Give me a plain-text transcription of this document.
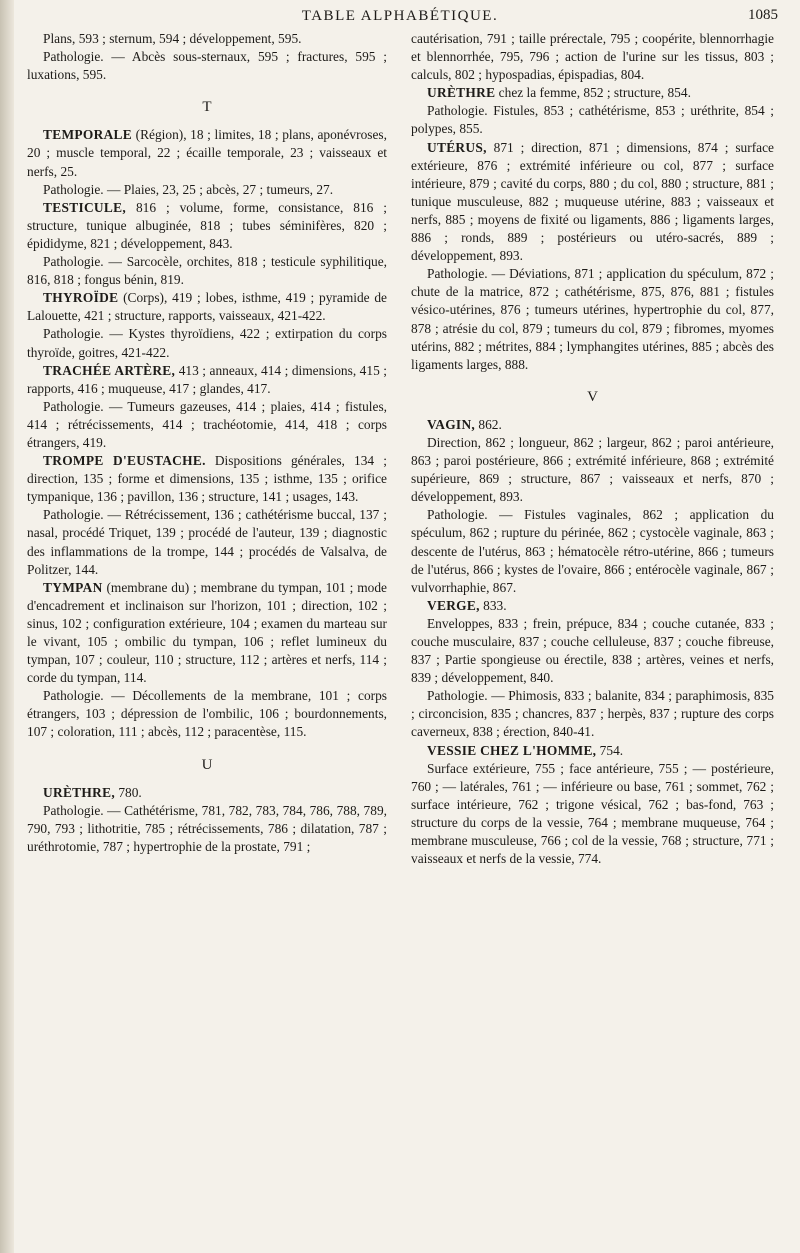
TABLE ALPHABÉTIQUE.	1085

Plans, 593 ; sternum, 594 ; développement, 595.

Pathologie. — Abcès sous-sternaux, 595 ; fractures, 595 ; luxations, 595.

T

TEMPORALE (Région), 18 ; limites, 18 ; plans, aponévroses, 20 ; muscle temporal, 22 ; écaille temporale, 23 ; vaisseaux et nerfs, 25.

Pathologie. — Plaies, 23, 25 ; abcès, 27 ; tumeurs, 27.

TESTICULE, 816 ; volume, forme, consistance, 816 ; structure, tunique albuginée, 818 ; tubes séminifères, 820 ; épididyme, 821 ; développement, 843.

Pathologie. — Sarcocèle, orchites, 818 ; testicule syphilitique, 816, 818 ; fongus bénin, 819.

THYROÏDE (Corps), 419 ; lobes, isthme, 419 ; pyramide de Lalouette, 421 ; structure, rapports, vaisseaux, 421-422.

Pathologie. — Kystes thyroïdiens, 422 ; extirpation du corps thyroïde, goitres, 421-422.

TRACHÉE ARTÈRE, 413 ; anneaux, 414 ; dimensions, 415 ; rapports, 416 ; muqueuse, 417 ; glandes, 417.

Pathologie. — Tumeurs gazeuses, 414 ; plaies, 414 ; fistules, 414 ; rétrécissements, 414 ; trachéotomie, 414, 418 ; corps étrangers, 419.

TROMPE D'EUSTACHE. Dispositions générales, 134 ; direction, 135 ; forme et dimensions, 135 ; isthme, 135 ; orifice tympanique, 136 ; pavillon, 136 ; structure, 141 ; usages, 143.

Pathologie. — Rétrécissement, 136 ; cathétérisme buccal, 137 ; nasal, procédé Triquet, 139 ; procédé de l'auteur, 139 ; diagnostic des inflammations de la trompe, 144 ; procédés de Valsalva, de Politzer, 144.

TYMPAN (membrane du) ; membrane du tympan, 101 ; mode d'encadrement et inclinaison sur l'horizon, 101 ; direction, 102 ; sinus, 102 ; configuration extérieure, 104 ; examen du marteau sur le vivant, 105 ; ombilic du tympan, 106 ; reflet lumineux du tympan, 107 ; couleur, 110 ; structure, 112 ; artères et nerfs, 114 ; corde du tympan, 114.

Pathologie. — Décollements de la membrane, 101 ; corps étrangers, 103 ; dépression de l'ombilic, 106 ; bourdonnements, 107 ; coloration, 111 ; abcès, 112 ; paracentèse, 115.

U

URÈTHRE, 780.

Pathologie. — Cathétérisme, 781, 782, 783, 784, 786, 788, 789, 790, 793 ; lithotritie, 785 ; rétrécissements, 786 ; dilatation, 787 ; uréthrotomie, 787 ; hypertrophie de la prostate, 791 ;

cautérisation, 791 ; taille prérectale, 795 ; coopérite, blennorrhagie et blennorrhée, 795, 796 ; action de l'urine sur les tissus, 803 ; calculs, 802 ; hypospadias, épispadias, 804.

URÈTHRE chez la femme, 852 ; structure, 854.

Pathologie. Fistules, 853 ; cathétérisme, 853 ; uréthrite, 854 ; polypes, 855.

UTÉRUS, 871 ; direction, 871 ; dimensions, 874 ; surface extérieure, 876 ; extrémité inférieure ou col, 877 ; surface intérieure, 879 ; cavité du corps, 880 ; du col, 880 ; structure, 881 ; tunique musculeuse, 882 ; muqueuse utérine, 883 ; vaisseaux et nerfs, 885 ; moyens de fixité ou ligaments, 886 ; ligaments larges, 886 ; ronds, 889 ; postérieurs ou utéro-sacrés, 889 ; développement, 893.

Pathologie. — Déviations, 871 ; application du spéculum, 872 ; chute de la matrice, 872 ; cathétérisme, 875, 876, 881 ; fistules vésico-utérines, 876 ; tumeurs utérines, hypertrophie du col, 877, 878 ; atrésie du col, 879 ; tumeurs du col, 879 ; fibromes, myomes utérins, 882 ; métrites, 884 ; lymphangites utérines, 885 ; abcès des ligaments larges, 888.

V

VAGIN, 862.

Direction, 862 ; longueur, 862 ; largeur, 862 ; paroi antérieure, 863 ; paroi postérieure, 866 ; extrémité inférieure, 868 ; extrémité supérieure, 869 ; structure, 867 ; vaisseaux et nerfs, 870 ; développement, 893.

Pathologie. — Fistules vaginales, 862 ; application du spéculum, 862 ; rupture du périnée, 862 ; cystocèle vaginale, 863 ; descente de l'utérus, 863 ; hématocèle rétro-utérine, 866 ; tumeurs de l'utérus, 866 ; kystes de l'ovaire, 866 ; entérocèle vaginale, 867 ; vulvorrhaphie, 867.

VERGE, 833.

Enveloppes, 833 ; frein, prépuce, 834 ; couche cutanée, 833 ; couche musculaire, 837 ; couche celluleuse, 837 ; couche fibreuse, 837 ; Partie spongieuse ou érectile, 838 ; artères, veines et nerfs, 839 ; développement, 840.

Pathologie. — Phimosis, 833 ; balanite, 834 ; paraphimosis, 835 ; circoncision, 835 ; chancres, 837 ; herpès, 837 ; rupture des corps caverneux, 838 ; érection, 840-41.

VESSIE CHEZ L'HOMME, 754.

Surface extérieure, 755 ; face antérieure, 755 ; — postérieure, 760 ; — latérales, 761 ; — inférieure ou base, 761 ; sommet, 762 ; surface intérieure, 762 ; trigone vésical, 762 ; bas-fond, 763 ; structure du corps de la vessie, 764 ; membrane muqueuse, 764 ; membrane musculeuse, 766 ; col de la vessie, 768 ; structure, 771 ; vaisseaux et nerfs de la vessie, 774.
